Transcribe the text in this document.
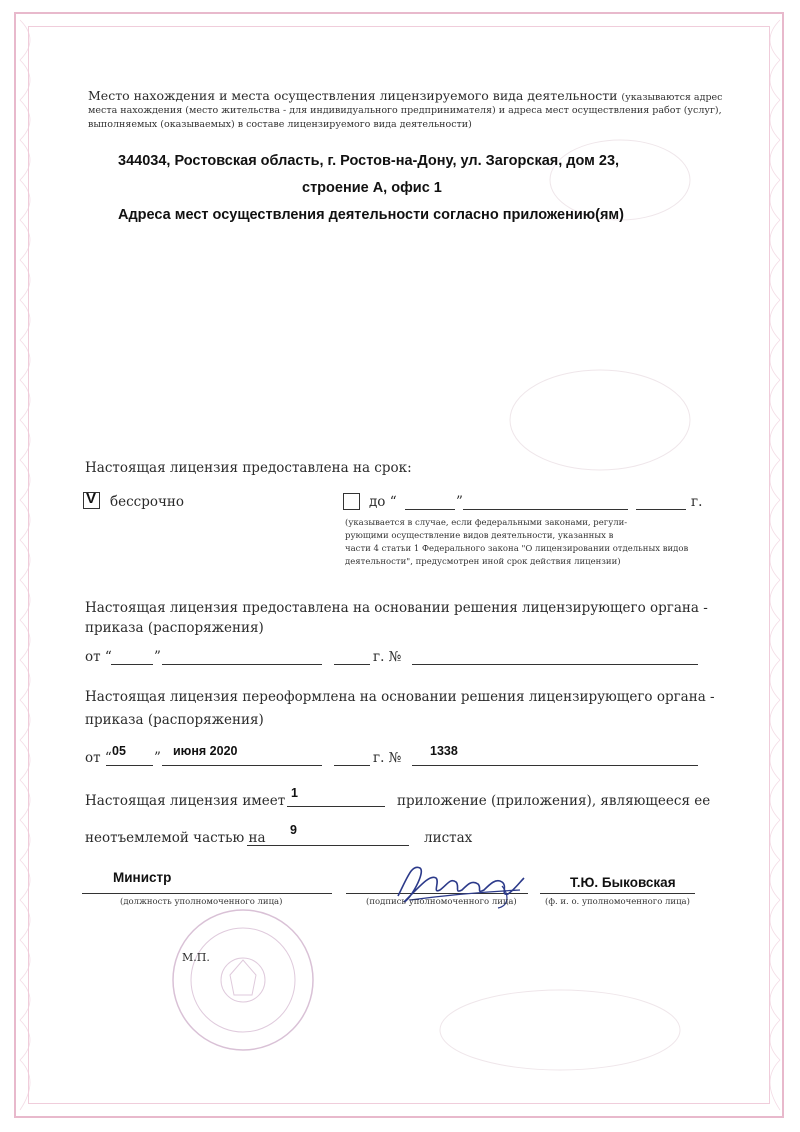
Место нахождения и места осуществления лицензируемого вида деятельности (указываются адрес
места нахождения (место жительства - для индивидуального предпринимателя) и адреса мест осуществления работ (услуг),
выполняемых (оказываемых) в составе лицензируемого вида деятельности)
344034, Ростовская область, г. Ростов-на-Дону, ул. Загорская, дом 23,
строение А, офис 1
Адреса мест осуществления деятельности согласно приложению(ям)
Настоящая лицензия предоставлена на срок:
V бессрочно	до “	”	г.
(указывается в случае, если федеральными законами, регули-
рующими осуществление видов деятельности, указанных в
части 4 статьи 1 Федерального закона "О лицензировании отдельных видов
деятельности", предусмотрен иной срок действия лицензии)
Настоящая лицензия предоставлена на основании решения лицензирующего органа -
приказа (распоряжения)
от “	”	г. №
Настоящая лицензия переоформлена на основании решения лицензирующего органа -
приказа (распоряжения)
от “ 05 ” июня 2020	г. № 1338
Настоящая лицензия имеет 1	приложение (приложения), являющееся ее
неотъемлемой частью на 9	листах
Министр
(должность уполномоченного лица)	(подпись уполномоченного лица)
Т.Ю. Быковская
(ф. и. о. уполномоченного лица)
М.П.
